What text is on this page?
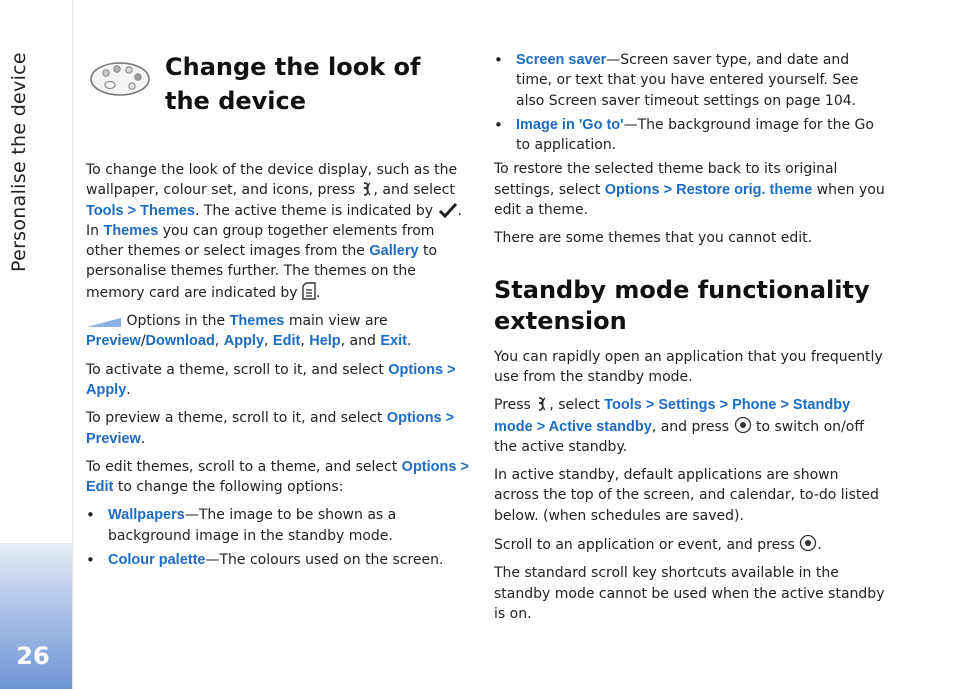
Personalise the device
26
Change the look of the device

To change the look of the device display, such as the wallpaper, colour set, and icons, press , and select Tools > Themes. The active theme is indicated by . In Themes you can group together elements from other themes or select images from the Gallery to personalise themes further. The themes on the memory card are indicated by .

Options in the Themes main view are Preview/Download, Apply, Edit, Help, and Exit.

To activate a theme, scroll to it, and select Options > Apply.

To preview a theme, scroll to it, and select Options > Preview.

To edit themes, scroll to a theme, and select Options > Edit to change the following options:

• Wallpapers—The image to be shown as a background image in the standby mode.
• Colour palette—The colours used on the screen.
• Screen saver—Screen saver type, and date and time, or text that you have entered yourself. See also Screen saver timeout settings on page 104.
• Image in 'Go to'—The background image for the Go to application.

To restore the selected theme back to its original settings, select Options > Restore orig. theme when you edit a theme.

There are some themes that you cannot edit.

Standby mode functionality extension

You can rapidly open an application that you frequently use from the standby mode.

Press , select Tools > Settings > Phone > Standby mode > Active standby, and press  to switch on/off the active standby.

In active standby, default applications are shown across the top of the screen, and calendar, to-do listed below. (when schedules are saved).

Scroll to an application or event, and press .

The standard scroll key shortcuts available in the standby mode cannot be used when the active standby is on.
